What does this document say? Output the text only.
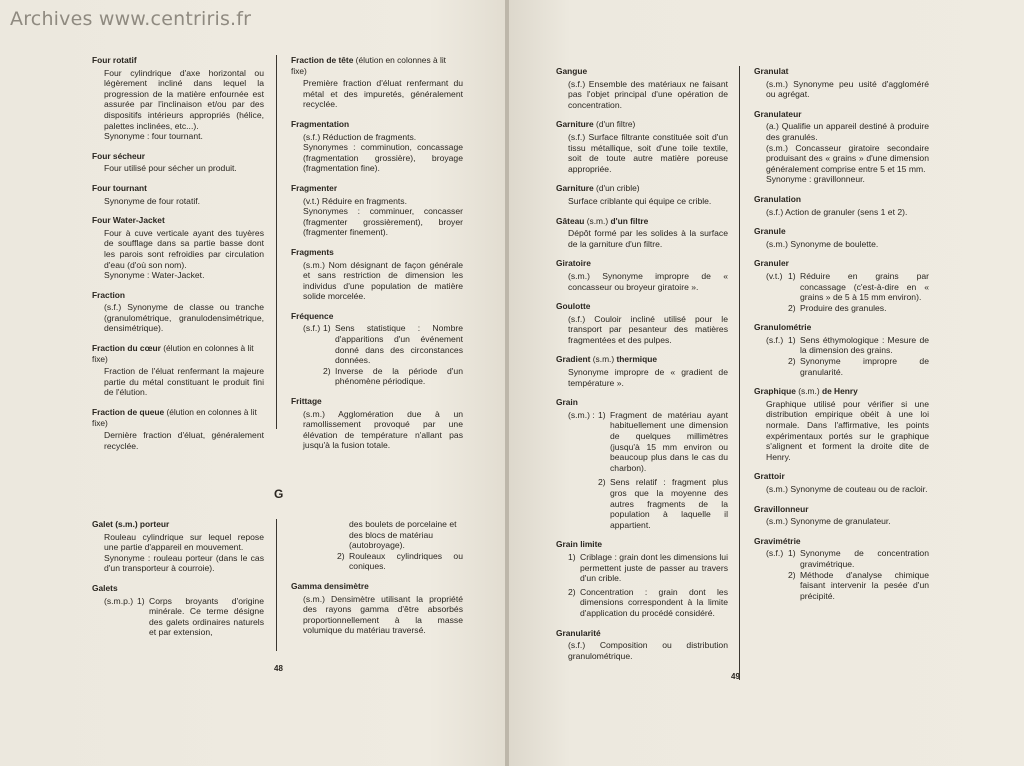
Four rotatif

Four cylindrique d'axe horizontal ou légèrement incliné dans lequel la progression de la matière enfournée est assurée par l'inclinaison et/ou par des dispositifs intérieurs appropriés (hélice, palettes inclinées, etc...).

Synonyme : four tournant.

Four sécheur

Four utilisé pour sécher un produit.

Four tournant

Synonyme de four rotatif.

Four Water-Jacket

Four à cuve verticale ayant des tuyères de soufflage dans sa partie basse dont les parois sont refroidies par circulation d'eau (d'où son nom).

Synonyme : Water-Jacket.

Fraction

(s.f.) Synonyme de classe ou tranche (granulométrique, granulodensimétrique, densimétrique).

Fraction du cœur (élution en colonnes à lit fixe)

Fraction de l'éluat renfermant la majeure partie du métal constituant le produit fini de l'élution.

Fraction de queue (élution en colonnes à lit fixe)

Dernière fraction d'éluat, généralement recyclée.

Fraction de tête (élution en colonnes à lit fixe)

Première fraction d'éluat renfermant du métal et des impuretés, généralement recyclée.

Fragmentation

(s.f.) Réduction de fragments.

Synonymes : comminution, concassage (fragmentation grossière), broyage (fragmentation fine).

Fragmenter

(v.t.) Réduire en fragments.

Synonymes : comminuer, concasser (fragmenter grossièrement), broyer (fragmenter finement).

Fragments

(s.m.) Nom désignant de façon générale et sans restriction de dimension les individus d'une population de matière solide morcelée.

Fréquence
(s.f.) 1) Sens statistique : Nombre d'apparitions d'un événement donné dans des circonstances données.
2) Inverse de la période d'un phénomène périodique.
Frittage

(s.m.) Agglomération due à un ramollissement provoqué par une élévation de température n'allant pas jusqu'à la fusion totale.

G
Galet (s.m.) porteur

Rouleau cylindrique sur lequel repose une partie d'appareil en mouvement.

Synonyme : rouleau porteur (dans le cas d'un transporteur à courroie).

Galets
(s.m.p.) 1) Corps broyants d'origine minérale. Ce terme désigne des galets ordinaires naturels et par extension,

des boulets de porcelaine et des blocs de matériau (autobroyage).

2) Rouleaux cylindriques ou coniques.
Gamma densimètre

(s.m.) Densimètre utilisant la propriété des rayons gamma d'être absorbés proportionnellement à la masse volumique du matériau traversé.

48
Gangue

(s.f.) Ensemble des matériaux ne faisant pas l'objet principal d'une opération de concentration.

Garniture (d'un filtre)

(s.f.) Surface filtrante constituée soit d'un tissu métallique, soit d'une toile textile, soit de toute autre matière poreuse appropriée.

Garniture (d'un crible)

Surface criblante qui équipe ce crible.

Gâteau (s.m.) d'un filtre

Dépôt formé par les solides à la surface de la garniture d'un filtre.

Giratoire

(s.m.) Synonyme impropre de « concasseur ou broyeur giratoire ».

Goulotte

(s.f.) Couloir incliné utilisé pour le transport par pesanteur des matières fragmentées et des pulpes.

Gradient (s.m.) thermique

Synonyme impropre de « gradient de température ».

Grain
(s.m.) : 1) Fragment de matériau ayant habituellement une dimension de quelques millimètres (jusqu'à 15 mm environ ou beaucoup plus dans le cas du charbon).
2) Sens relatif : fragment plus gros que la moyenne des autres fragments de la population à laquelle il appartient.
Grain limite
1) Criblage : grain dont les dimensions lui permettent juste de passer au travers d'un crible.
2) Concentration : grain dont les dimensions correspondent à la limite d'application du procédé considéré.
Granularité

(s.f.) Composition ou distribution granulométrique.

Granulat

(s.m.) Synonyme peu usité d'aggloméré ou agrégat.

Granulateur

(a.) Qualifie un appareil destiné à produire des granulés.

(s.m.) Concasseur giratoire secondaire produisant des « grains » d'une dimension généralement comprise entre 5 et 15 mm.

Synonyme : gravillonneur.

Granulation

(s.f.) Action de granuler (sens 1 et 2).

Granule

(s.m.) Synonyme de boulette.

Granuler
(v.t.) 1) Réduire en grains par concassage (c'est-à-dire en « grains » de 5 à 15 mm environ).
2) Produire des granules.
Granulométrie
(s.f.) 1) Sens éthymologique : Mesure de la dimension des grains.
2) Synonyme impropre de granularité.
Graphique (s.m.) de Henry

Graphique utilisé pour vérifier si une distribution empirique obéit à une loi normale. Dans l'affirmative, les points expérimentaux portés sur le graphique s'alignent et forment la droite dite de Henry.

Grattoir

(s.m.) Synonyme de couteau ou de racloir.

Gravillonneur

(s.m.) Synonyme de granulateur.

Gravimétrie
(s.f.) 1) Synonyme de concentration gravimétrique.
2) Méthode d'analyse chimique faisant intervenir la pesée d'un précipité.
49
Archives www.centriris.fr
